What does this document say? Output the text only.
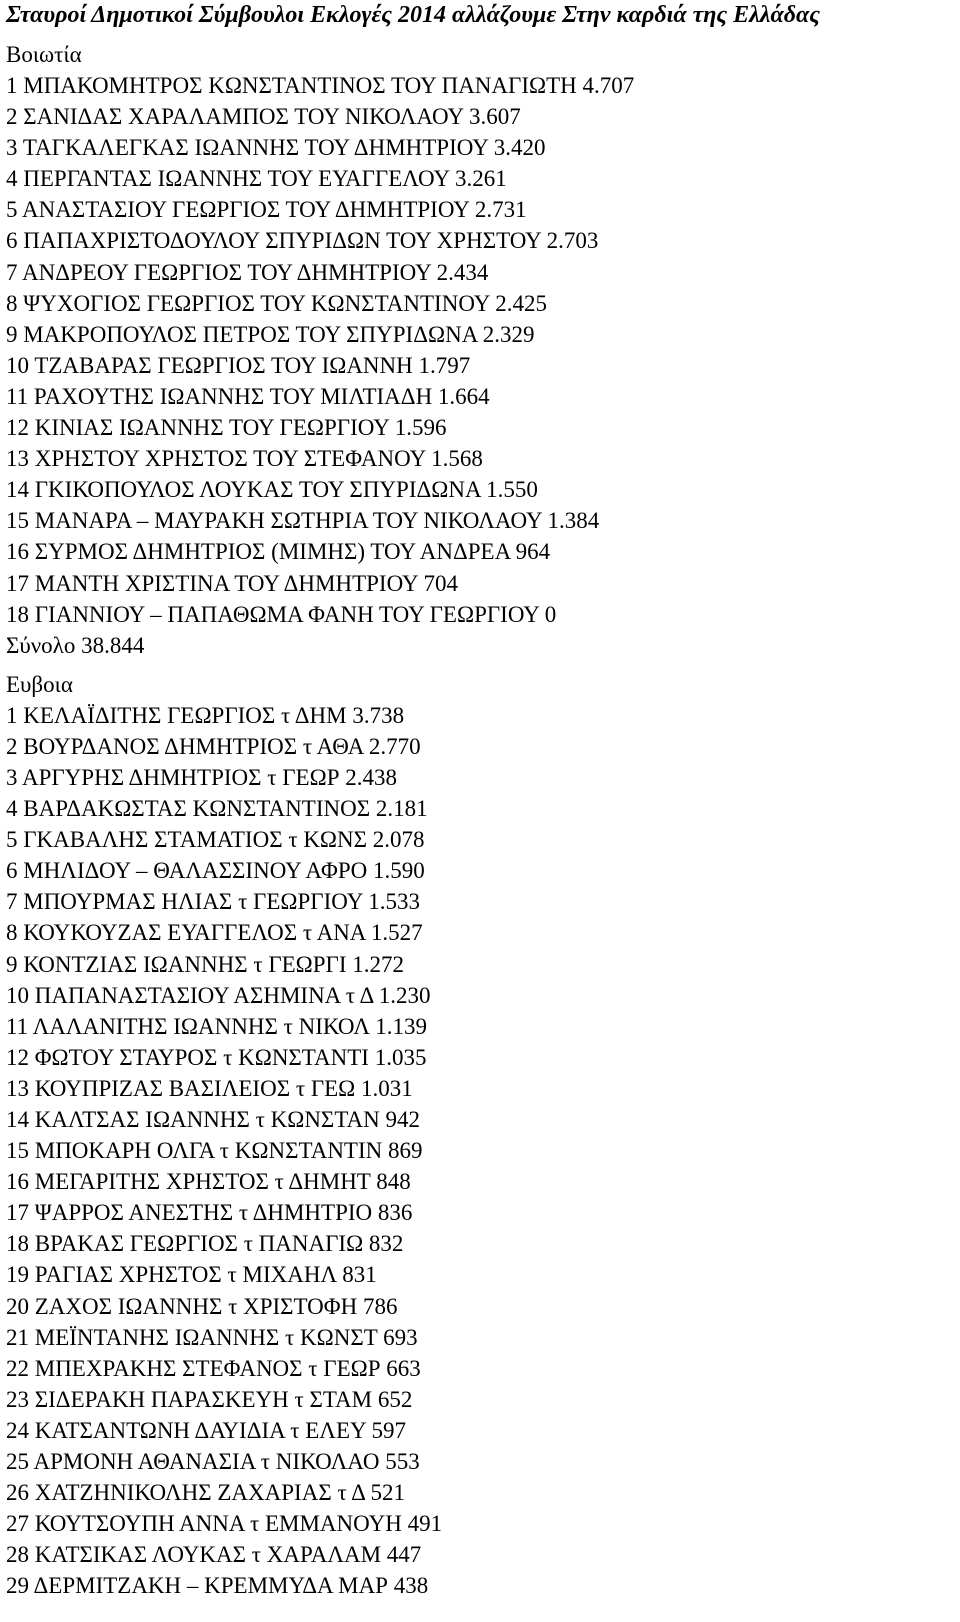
Σταυροί Δημοτικοί Σύμβουλοι Εκλογές 2014 αλλάζουμε Στην καρδιά της Ελλάδας
Βοιωτία
1 ΜΠΑΚΟΜΗΤΡΟΣ ΚΩΝΣΤΑΝΤΙΝΟΣ ΤΟΥ ΠΑΝΑΓΙΩΤΗ 4.707
2 ΣΑΝΙΔΑΣ ΧΑΡΑΛΑΜΠΟΣ ΤΟΥ ΝΙΚΟΛΑΟΥ 3.607
3 ΤΑΓΚΑΛΕΓΚΑΣ ΙΩΑΝΝΗΣ ΤΟΥ ΔΗΜΗΤΡΙΟΥ 3.420
4 ΠΕΡΓΑΝΤΑΣ ΙΩΑΝΝΗΣ ΤΟΥ ΕΥΑΓΓΕΛΟΥ 3.261
5 ΑΝΑΣΤΑΣΙΟΥ ΓΕΩΡΓΙΟΣ ΤΟΥ ΔΗΜΗΤΡΙΟΥ 2.731
6 ΠΑΠΑΧΡΙΣΤΟΔΟΥΛΟΥ ΣΠΥΡΙΔΩΝ ΤΟΥ ΧΡΗΣΤΟΥ 2.703
7 ΑΝΔΡΕΟΥ ΓΕΩΡΓΙΟΣ ΤΟΥ ΔΗΜΗΤΡΙΟΥ 2.434
8 ΨΥΧΟΓΙΟΣ ΓΕΩΡΓΙΟΣ ΤΟΥ ΚΩΝΣΤΑΝΤΙΝΟΥ 2.425
9 ΜΑΚΡΟΠΟΥΛΟΣ ΠΕΤΡΟΣ ΤΟΥ ΣΠΥΡΙΔΩΝΑ 2.329
10 ΤΖΑΒΑΡΑΣ ΓΕΩΡΓΙΟΣ ΤΟΥ ΙΩΑΝΝΗ 1.797
11 ΡΑΧΟΥΤΗΣ ΙΩΑΝΝΗΣ ΤΟΥ ΜΙΛΤΙΑΔΗ 1.664
12 ΚΙΝΙΑΣ ΙΩΑΝΝΗΣ ΤΟΥ ΓΕΩΡΓΙΟΥ 1.596
13 ΧΡΗΣΤΟΥ ΧΡΗΣΤΟΣ ΤΟΥ ΣΤΕΦΑΝΟΥ 1.568
14 ΓΚΙΚΟΠΟΥΛΟΣ ΛΟΥΚΑΣ ΤΟΥ ΣΠΥΡΙΔΩΝΑ 1.550
15 ΜΑΝΑΡΑ – ΜΑΥΡΑΚΗ ΣΩΤΗΡΙΑ ΤΟΥ ΝΙΚΟΛΑΟΥ 1.384
16 ΣΥΡΜΟΣ ΔΗΜΗΤΡΙΟΣ (ΜΙΜΗΣ) ΤΟΥ ΑΝΔΡΕΑ 964
17 ΜΑΝΤΗ ΧΡΙΣΤΙΝΑ ΤΟΥ ΔΗΜΗΤΡΙΟΥ 704
18 ΓΙΑΝΝΙΟΥ – ΠΑΠΑΘΩΜΑ ΦΑΝΗ ΤΟΥ ΓΕΩΡΓΙΟΥ 0
Σύνολο 38.844
Ευβοια
1 ΚΕΛΑΪΔΙΤΗΣ ΓΕΩΡΓΙΟΣ τ ΔΗΜ 3.738
2 ΒΟΥΡΔΑΝΟΣ ΔΗΜΗΤΡΙΟΣ τ ΑΘΑ 2.770
3 ΑΡΓΥΡΗΣ ΔΗΜΗΤΡΙΟΣ τ ΓΕΩΡ 2.438
4 ΒΑΡΔΑΚΩΣΤΑΣ ΚΩΝΣΤΑΝΤΙΝΟΣ 2.181
5 ΓΚΑΒΑΛΗΣ ΣΤΑΜΑΤΙΟΣ τ ΚΩΝΣ 2.078
6 ΜΗΛΙΔΟΥ – ΘΑΛΑΣΣΙΝΟΥ ΑΦΡΟ 1.590
7 ΜΠΟΥΡΜΑΣ ΗΛΙΑΣ τ ΓΕΩΡΓΙΟΥ 1.533
8 ΚΟΥΚΟΥΖΑΣ ΕΥΑΓΓΕΛΟΣ τ ΑΝΑ 1.527
9 ΚΟΝΤΖΙΑΣ ΙΩΑΝΝΗΣ τ ΓΕΩΡΓΙ 1.272
10 ΠΑΠΑΝΑΣΤΑΣΙΟΥ ΑΣΗΜΙΝΑ τ Δ 1.230
11 ΛΑΛΑΝΙΤΗΣ ΙΩΑΝΝΗΣ τ ΝΙΚΟΛ 1.139
12 ΦΩΤΟΥ ΣΤΑΥΡΟΣ τ ΚΩΝΣΤΑΝΤΙ 1.035
13 ΚΟΥΠΡΙΖΑΣ ΒΑΣΙΛΕΙΟΣ τ ΓΕΩ 1.031
14 ΚΑΛΤΣΑΣ ΙΩΑΝΝΗΣ τ ΚΩΝΣΤΑΝ 942
15 ΜΠΟΚΑΡΗ ΟΛΓΑ τ ΚΩΝΣΤΑΝΤΙΝ 869
16 ΜΕΓΑΡΙΤΗΣ ΧΡΗΣΤΟΣ τ ΔΗΜΗΤ 848
17 ΨΑΡΡΟΣ ΑΝΕΣΤΗΣ τ ΔΗΜΗΤΡΙΟ 836
18 ΒΡΑΚΑΣ ΓΕΩΡΓΙΟΣ τ ΠΑΝΑΓΙΩ 832
19 ΡΑΓΙΑΣ ΧΡΗΣΤΟΣ τ ΜΙΧΑΗΛ 831
20 ΖΑΧΟΣ ΙΩΑΝΝΗΣ τ ΧΡΙΣΤΟΦΗ 786
21 ΜΕΪΝΤΑΝΗΣ ΙΩΑΝΝΗΣ τ ΚΩΝΣΤ 693
22 ΜΠΕΧΡΑΚΗΣ ΣΤΕΦΑΝΟΣ τ ΓΕΩΡ 663
23 ΣΙΔΕΡΑΚΗ ΠΑΡΑΣΚΕΥΗ τ ΣΤΑΜ 652
24 ΚΑΤΣΑΝΤΩΝΗ ΔΑΥΙΔΙΑ τ ΕΛΕΥ 597
25 ΑΡΜΟΝΗ ΑΘΑΝΑΣΙΑ τ ΝΙΚΟΛΑΟ 553
26 ΧΑΤΖΗΝΙΚΟΛΗΣ ΖΑΧΑΡΙΑΣ τ Δ 521
27 ΚΟΥΤΣΟΥΠΗ ΑΝΝΑ τ ΕΜΜΑΝΟΥΗ 491
28 ΚΑΤΣΙΚΑΣ ΛΟΥΚΑΣ τ ΧΑΡΑΛΑΜ 447
29 ΔΕΡΜΙΤΖΑΚΗ – ΚΡΕΜΜΥΔΑ ΜΑΡ 438
